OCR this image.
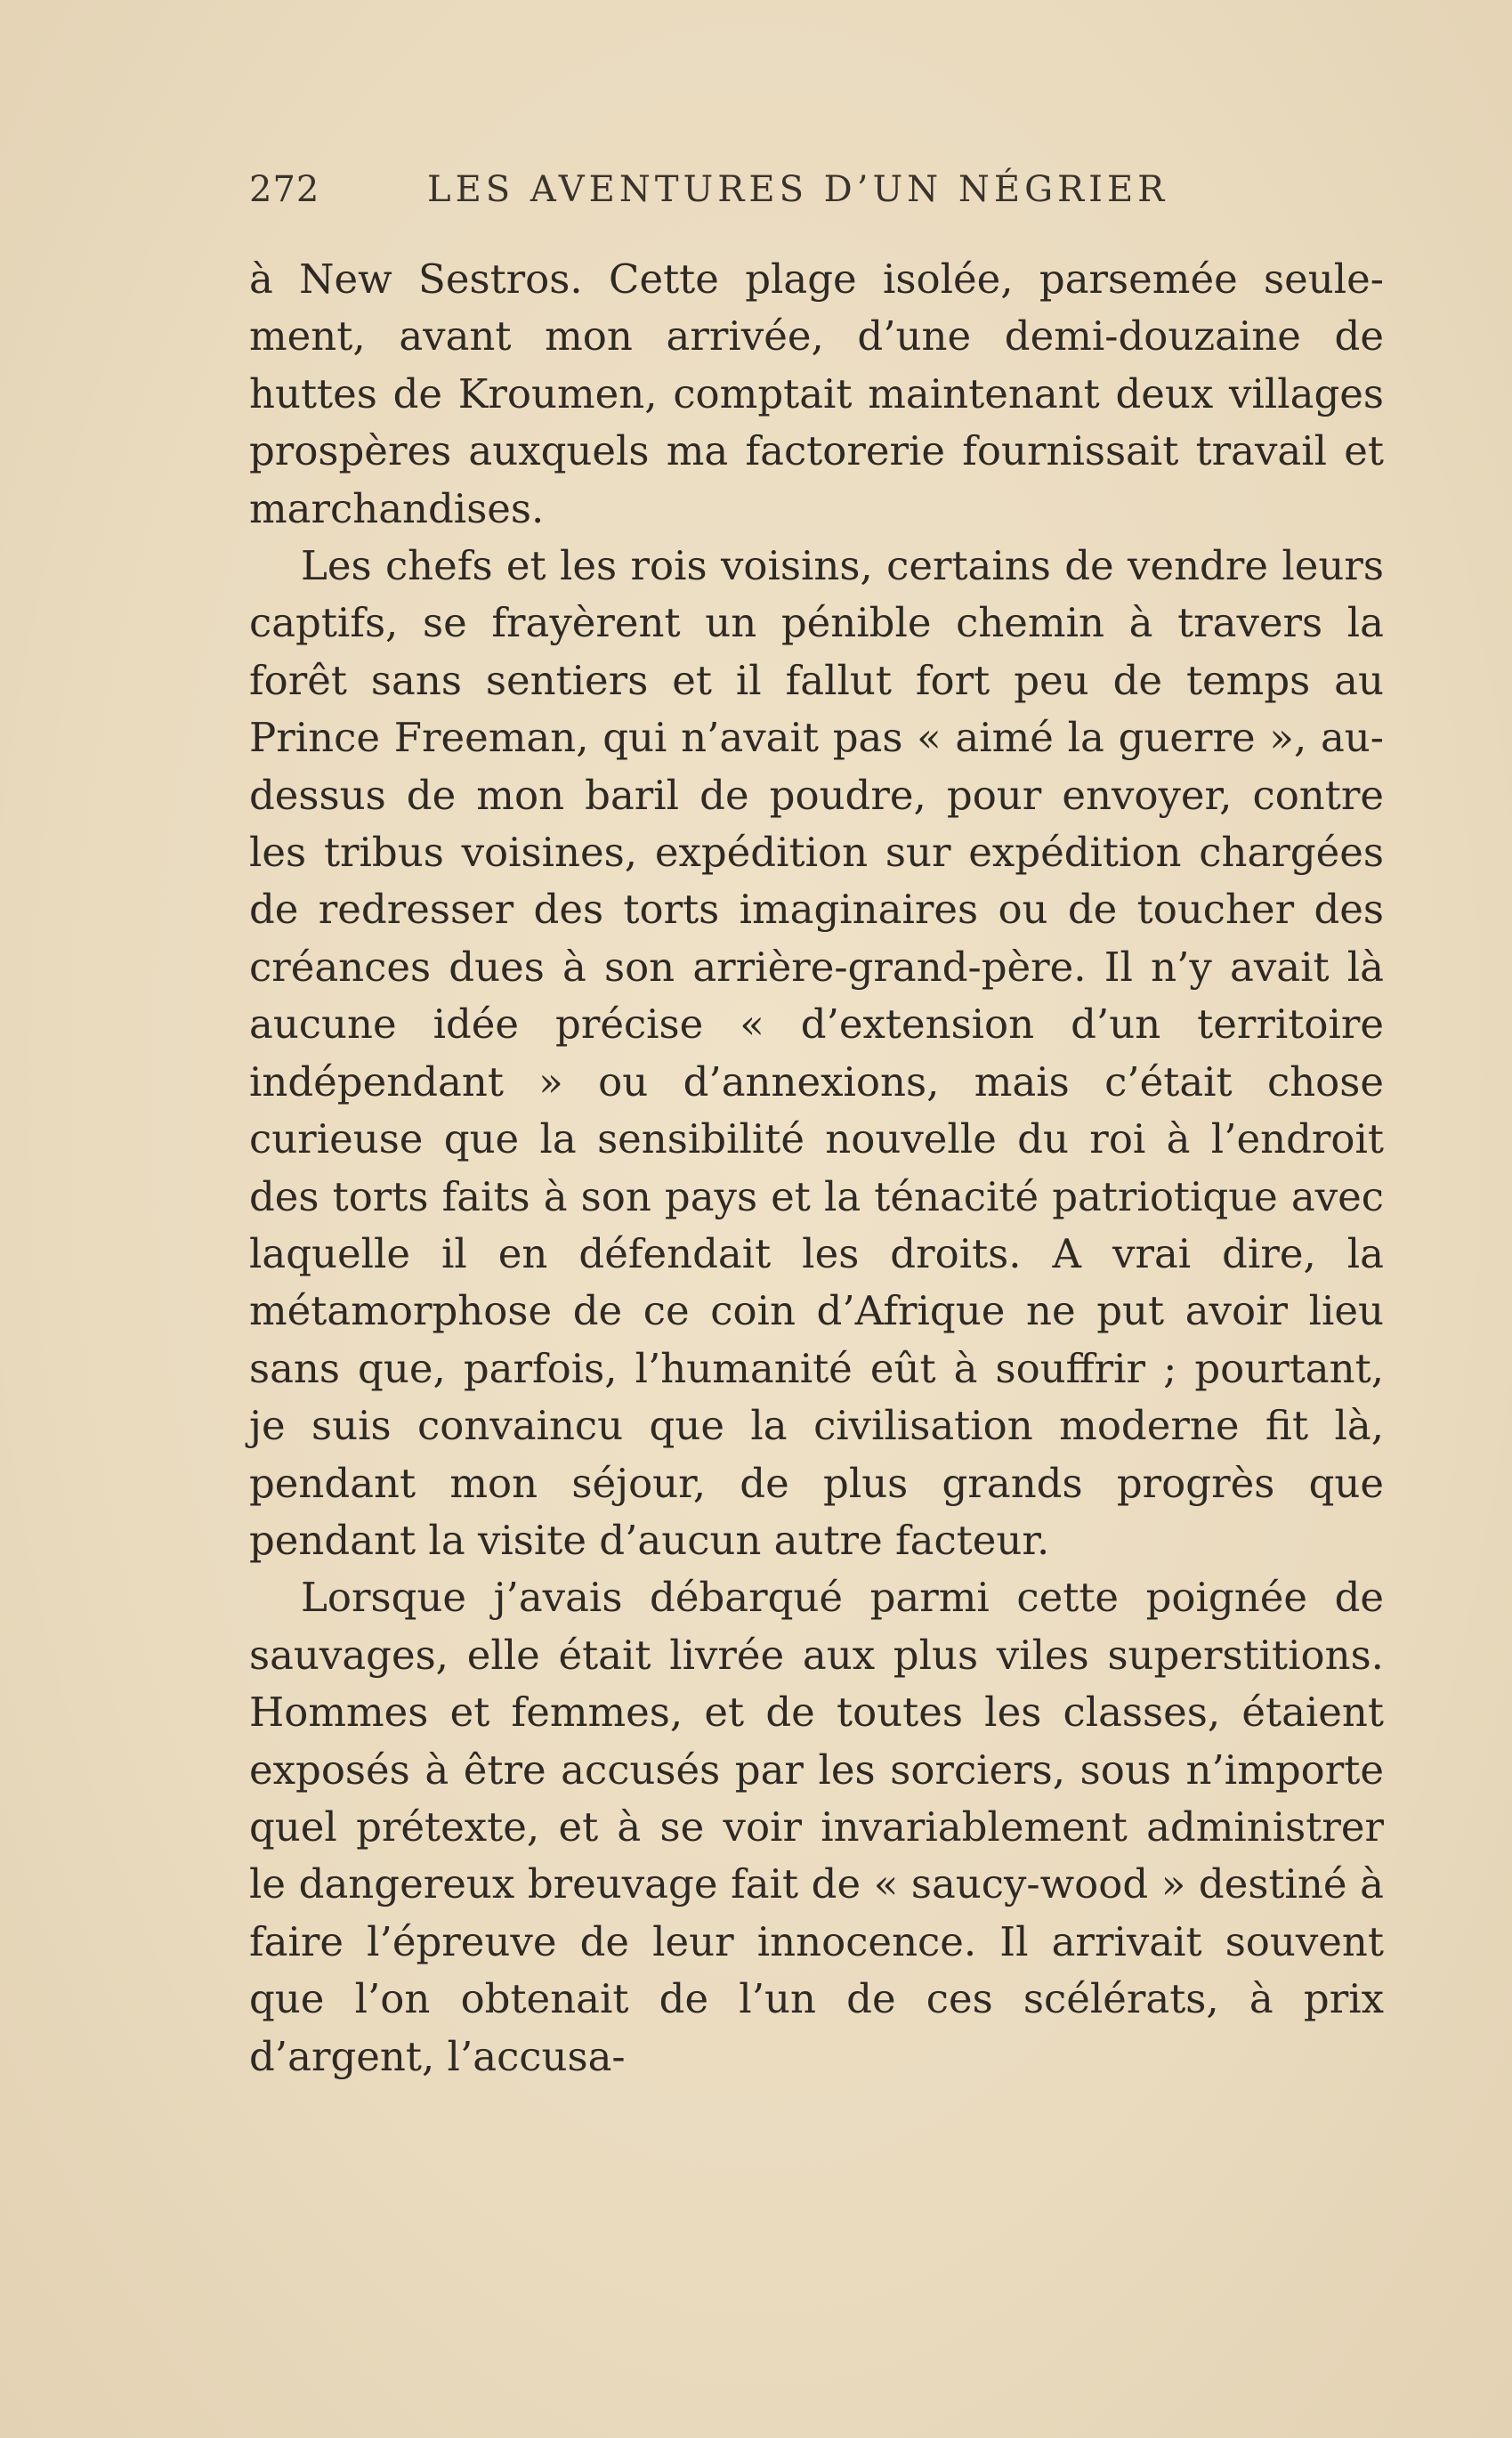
272	LES AVENTURES D’UN NÉGRIER

à New Sestros. Cette plage isolée, parsemée seulement, avant mon arrivée, d’une demi-douzaine de huttes de Kroumen, comptait maintenant deux villages prospères auxquels ma factorerie fournissait travail et marchandises.

Les chefs et les rois voisins, certains de vendre leurs captifs, se frayèrent un pénible chemin à travers la forêt sans sentiers et il fallut fort peu de temps au Prince Freeman, qui n’avait pas « aimé la guerre », au-dessus de mon baril de poudre, pour envoyer, contre les tribus voisines, expédition sur expédition chargées de redresser des torts imaginaires ou de toucher des créances dues à son arrière-grand-père. Il n’y avait là aucune idée précise « d’extension d’un territoire indépendant » ou d’annexions, mais c’était chose curieuse que la sensibilité nouvelle du roi à l’endroit des torts faits à son pays et la ténacité patriotique avec laquelle il en défendait les droits. A vrai dire, la métamorphose de ce coin d’Afrique ne put avoir lieu sans que, parfois, l’humanité eût à souffrir ; pourtant, je suis convaincu que la civilisation moderne fit là, pendant mon séjour, de plus grands progrès que pendant la visite d’aucun autre facteur.

Lorsque j’avais débarqué parmi cette poignée de sauvages, elle était livrée aux plus viles superstitions. Hommes et femmes, et de toutes les classes, étaient exposés à être accusés par les sorciers, sous n’importe quel prétexte, et à se voir invariablement administrer le dangereux breuvage fait de « saucy-wood » destiné à faire l’épreuve de leur innocence. Il arrivait souvent que l’on obtenait de l’un de ces scélérats, à prix d’argent, l’accusa-
